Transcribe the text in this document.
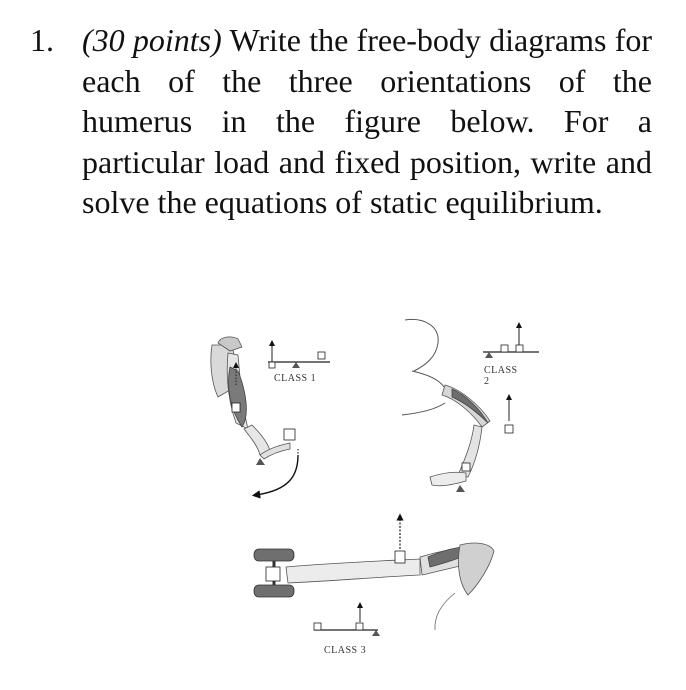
1. (30 points) Write the free-body diagrams for each of the three orientations of the humerus in the figure below. For a particular load and fixed position, write and solve the equations of static equilibrium.
CLASS 1
CLASS 2
CLASS 3
